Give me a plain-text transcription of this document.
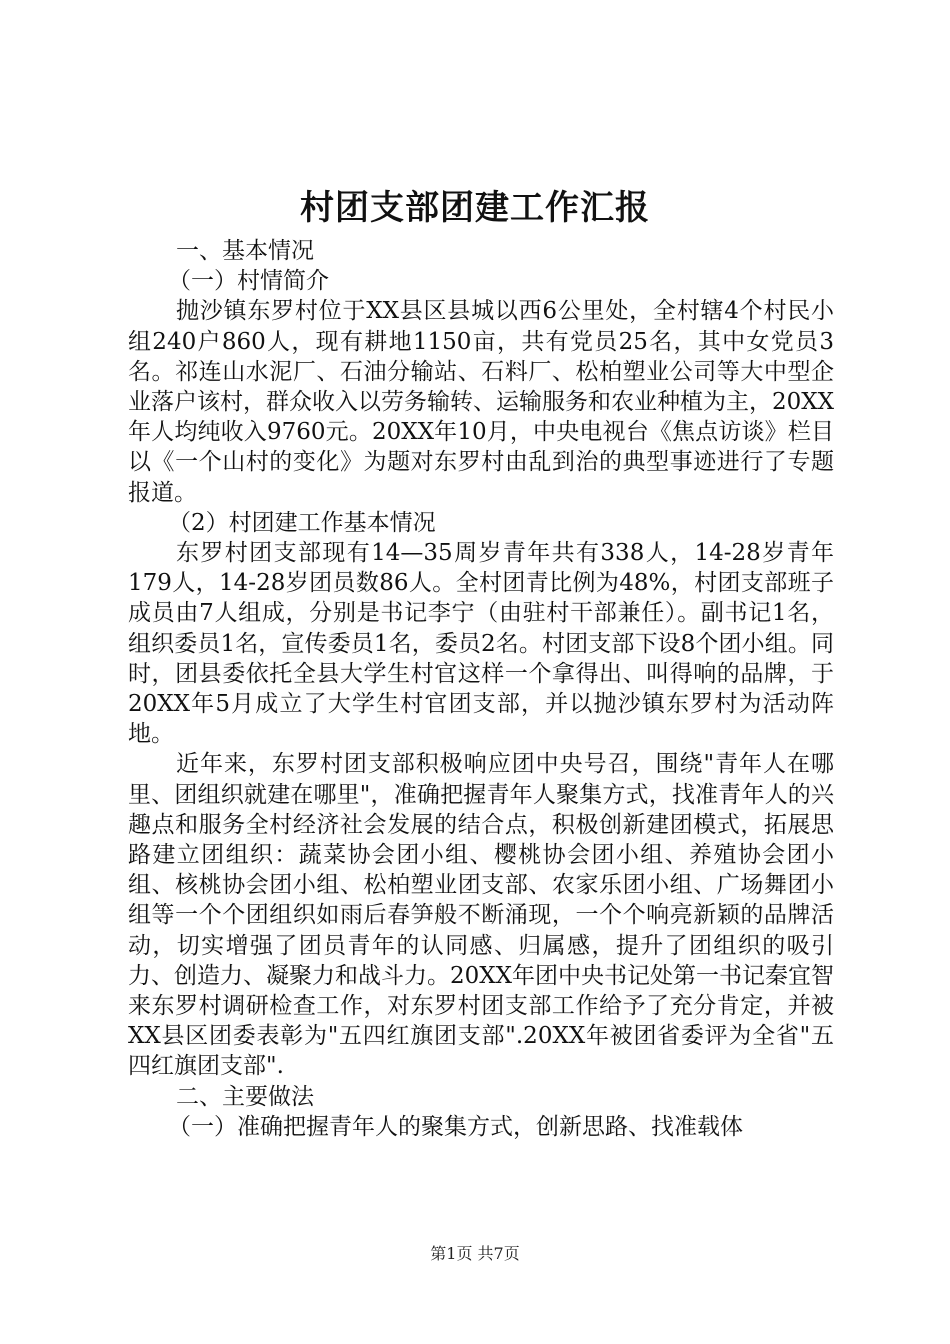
村团支部团建工作汇报

一、基本情况

（一）村情简介

抛沙镇东罗村位于XX县区县城以西6公里处，全村辖4个村民小组240户860人，现有耕地1150亩，共有党员25名，其中女党员3名。祁连山水泥厂、石油分输站、石料厂、松柏塑业公司等大中型企业落户该村，群众收入以劳务输转、运输服务和农业种植为主，20XX年人均纯收入9760元。20XX年10月，中央电视台《焦点访谈》栏目以《一个山村的变化》为题对东罗村由乱到治的典型事迹进行了专题报道。

（2）村团建工作基本情况

东罗村团支部现有14—35周岁青年共有338人，14-28岁青年179人，14-28岁团员数86人。全村团青比例为48%，村团支部班子成员由7人组成，分别是书记李宁（由驻村干部兼任）。副书记1名，组织委员1名，宣传委员1名，委员2名。村团支部下设8个团小组。同时，团县委依托全县大学生村官这样一个拿得出、叫得响的品牌，于20XX年5月成立了大学生村官团支部，并以抛沙镇东罗村为活动阵地。

近年来，东罗村团支部积极响应团中央号召，围绕"青年人在哪里、团组织就建在哪里"，准确把握青年人聚集方式，找准青年人的兴趣点和服务全村经济社会发展的结合点，积极创新建团模式，拓展思路建立团组织：蔬菜协会团小组、樱桃协会团小组、养殖协会团小组、核桃协会团小组、松柏塑业团支部、农家乐团小组、广场舞团小组等一个个团组织如雨后春笋般不断涌现，一个个响亮新颖的品牌活动，切实增强了团员青年的认同感、归属感，提升了团组织的吸引力、创造力、凝聚力和战斗力。20XX年团中央书记处第一书记秦宜智来东罗村调研检查工作，对东罗村团支部工作给予了充分肯定，并被XX县区团委表彰为"五四红旗团支部".20XX年被团省委评为全省"五四红旗团支部".

二、主要做法

（一）准确把握青年人的聚集方式，创新思路、找准载体

第1页 共7页
